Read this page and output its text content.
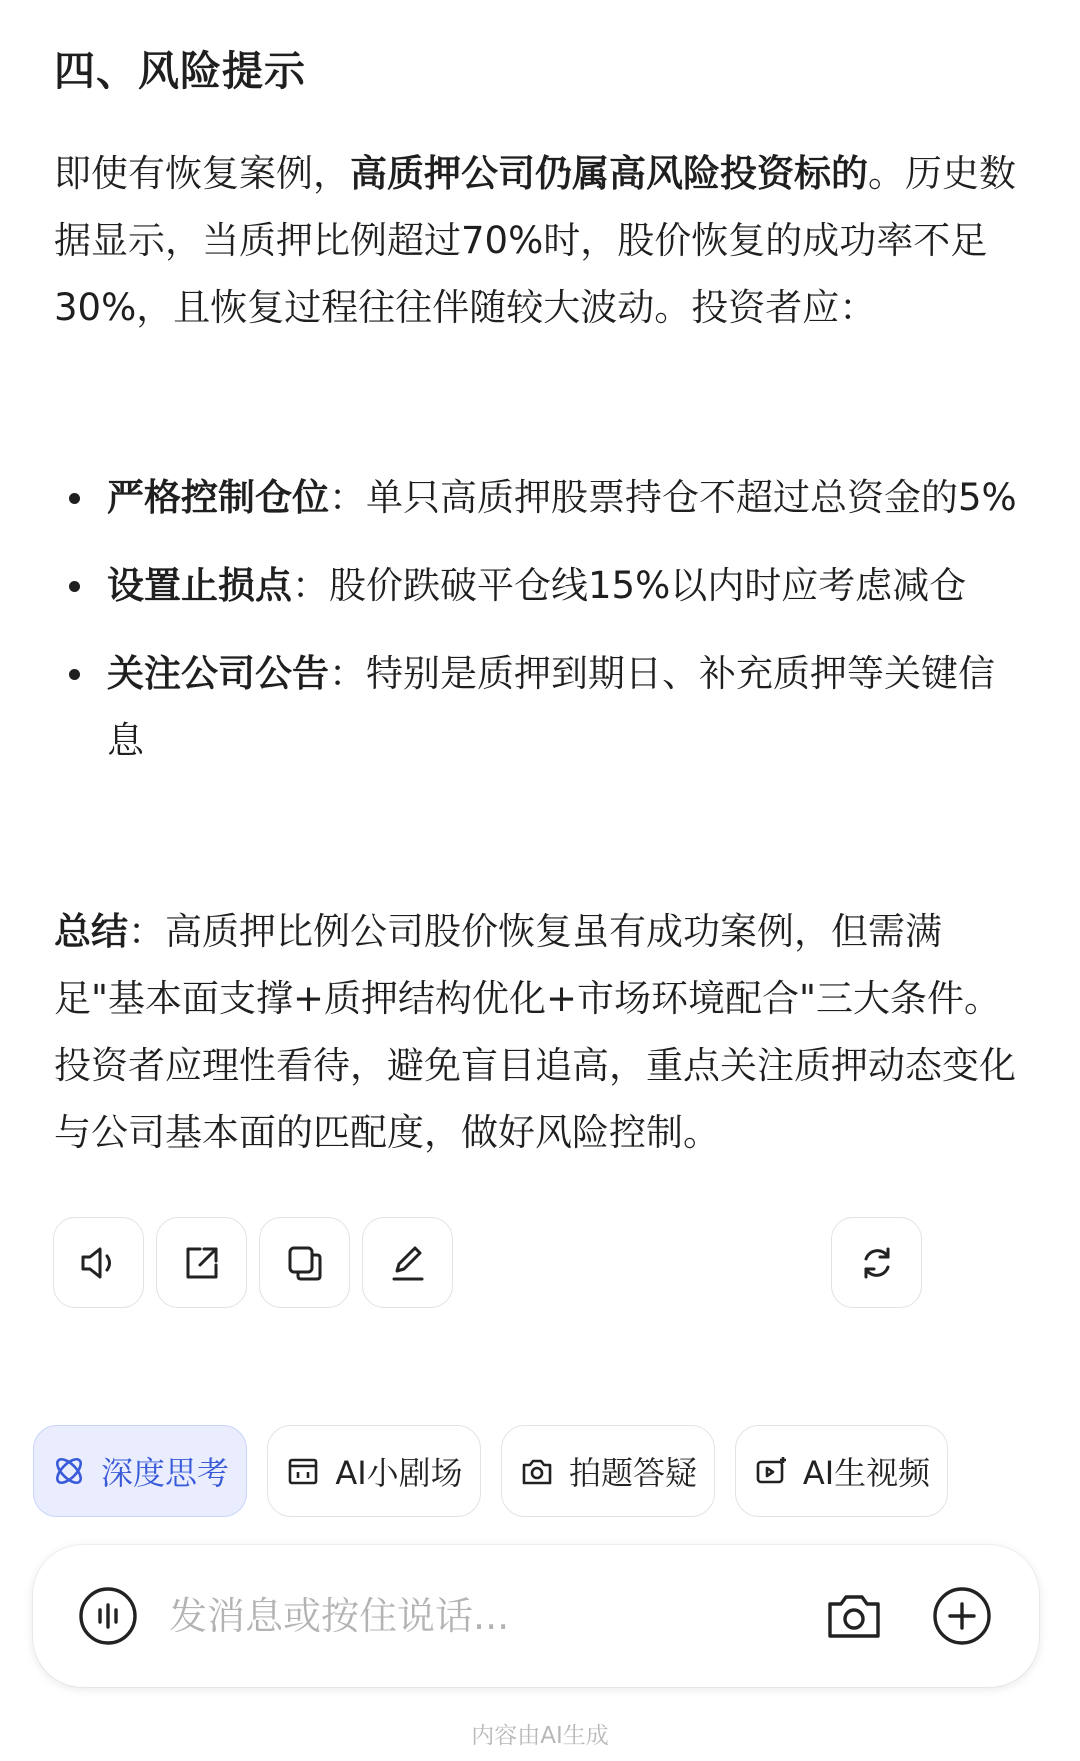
四、风险提示

即使有恢复案例，高质押公司仍属高风险投资标的。历史数据显示，当质押比例超过70%时，股价恢复的成功率不足30%，且恢复过程往往伴随较大波动。投资者应：

严格控制仓位：单只高质押股票持仓不超过总资金的5%
设置止损点：股价跌破平仓线15%以内时应考虑减仓
关注公司公告：特别是质押到期日、补充质押等关键信息

总结：高质押比例公司股价恢复虽有成功案例，但需满足"基本面支撑+质押结构优化+市场环境配合"三大条件。投资者应理性看待，避免盲目追高，重点关注质押动态变化与公司基本面的匹配度，做好风险控制。

深度思考	AI小剧场	拍题答疑	AI生视频
发消息或按住说话...
内容由AI生成
